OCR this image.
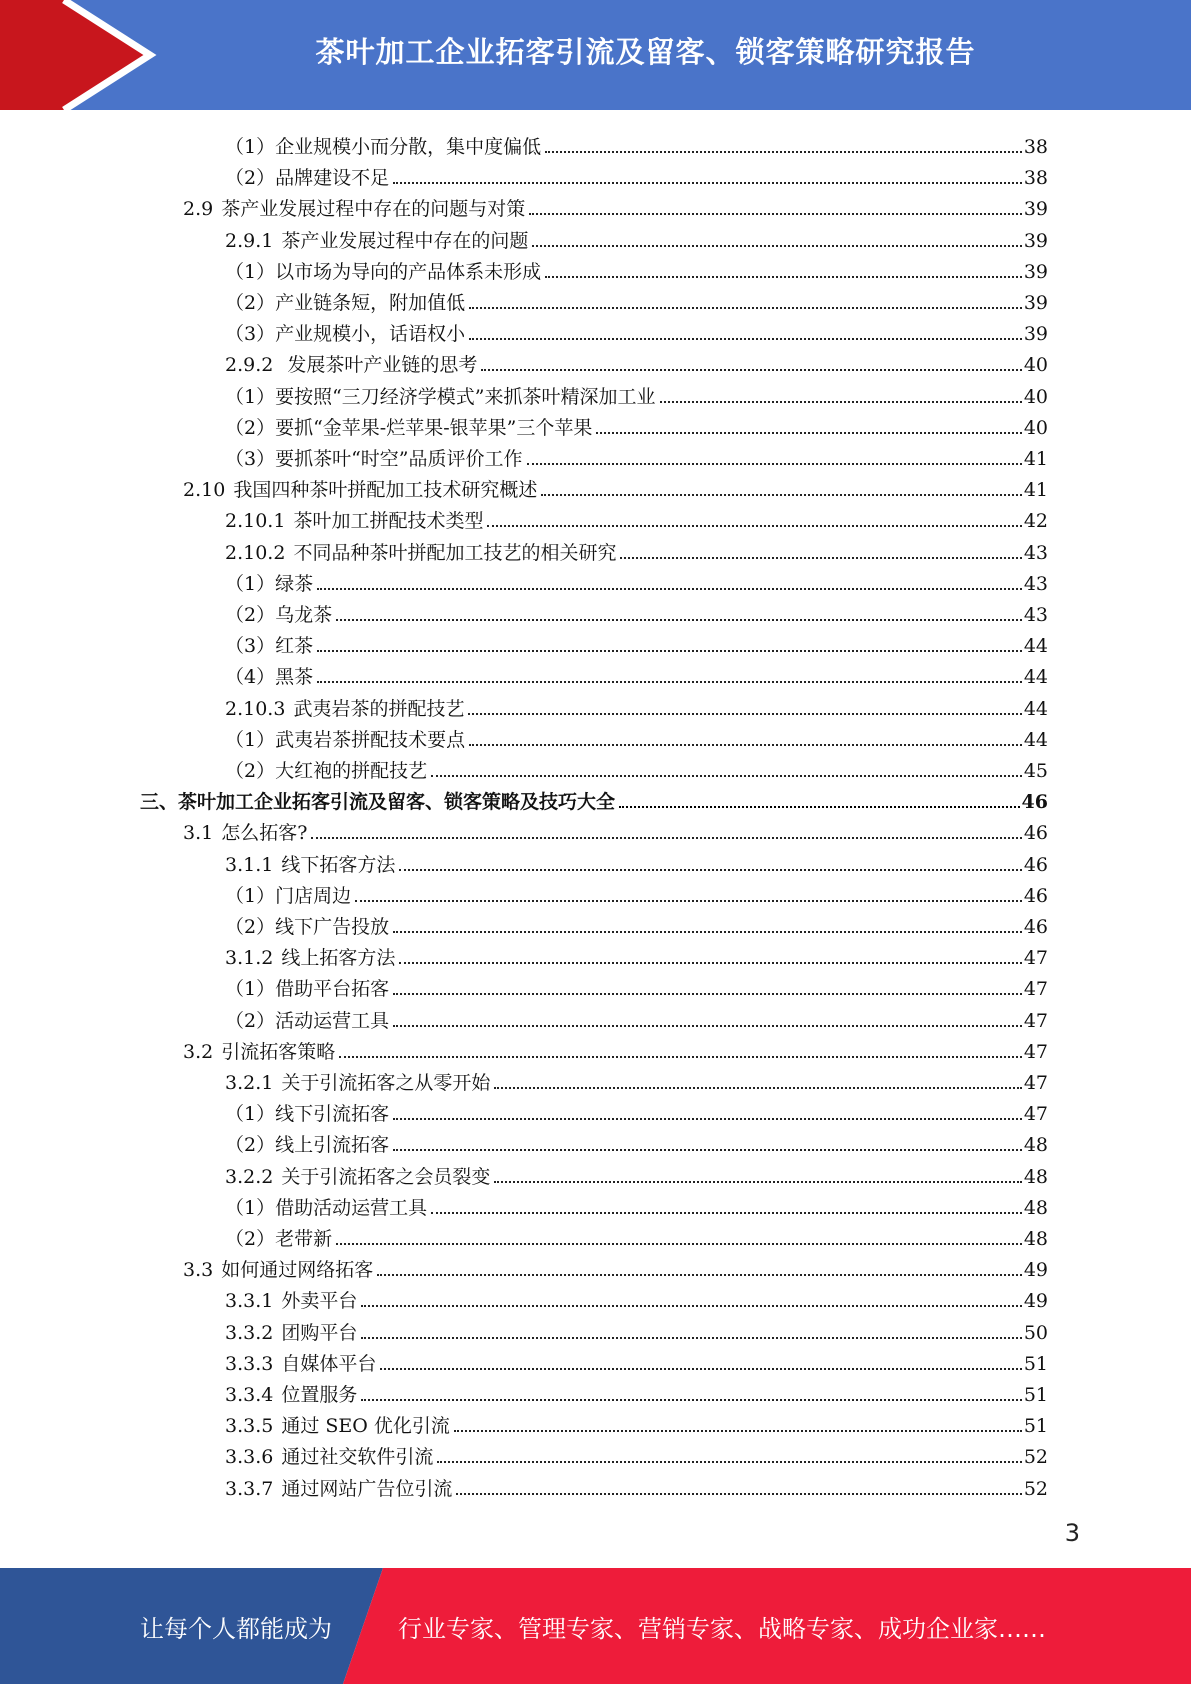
茶叶加工企业拓客引流及留客、锁客策略研究报告
（1）企业规模小而分散，集中度偏低	38
（2）品牌建设不足	38
2.9 茶产业发展过程中存在的问题与对策	39
2.9.1 茶产业发展过程中存在的问题	39
（1）以市场为导向的产品体系未形成	39
（2）产业链条短，附加值低	39
（3）产业规模小，话语权小	39
2.9.2 发展茶叶产业链的思考	40
（1）要按照“三刀经济学模式”来抓茶叶精深加工业	40
（2）要抓“金苹果-烂苹果-银苹果”三个苹果	40
（3）要抓茶叶“时空”品质评价工作	41
2.10 我国四种茶叶拼配加工技术研究概述	41
2.10.1 茶叶加工拼配技术类型	42
2.10.2 不同品种茶叶拼配加工技艺的相关研究	43
（1）绿茶	43
（2）乌龙茶	43
（3）红茶	44
（4）黑茶	44
2.10.3 武夷岩茶的拼配技艺	44
（1）武夷岩茶拼配技术要点	44
（2）大红袍的拼配技艺	45
三、茶叶加工企业拓客引流及留客、锁客策略及技巧大全	46
3.1 怎么拓客?	46
3.1.1 线下拓客方法	46
（1）门店周边	46
（2）线下广告投放	46
3.1.2 线上拓客方法	47
（1）借助平台拓客	47
（2）活动运营工具	47
3.2 引流拓客策略	47
3.2.1 关于引流拓客之从零开始	47
（1）线下引流拓客	47
（2）线上引流拓客	48
3.2.2 关于引流拓客之会员裂变	48
（1）借助活动运营工具	48
（2）老带新	48
3.3 如何通过网络拓客	49
3.3.1 外卖平台	49
3.3.2 团购平台	50
3.3.3 自媒体平台	51
3.3.4 位置服务	51
3.3.5 通过 SEO 优化引流	51
3.3.6 通过社交软件引流	52
3.3.7 通过网站广告位引流	52
3
让每个人都能成为	行业专家、管理专家、营销专家、战略专家、成功企业家……
